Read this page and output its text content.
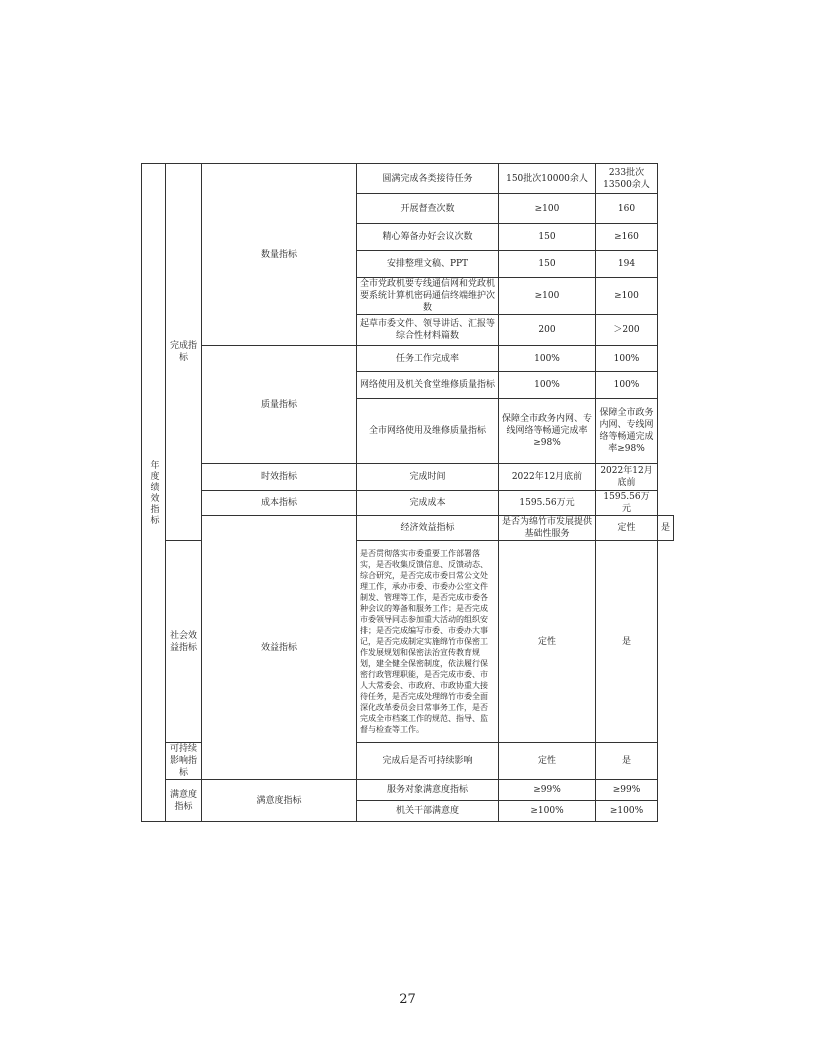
年度绩效指标	完成指标	数量指标	圆满完成各类接待任务	150批次10000余人	233批次13500余人	
			开展督查次数	≥100	160	
			精心筹备办好会议次数	150	≥160	
			安排整理文稿、PPT	150	194	
			全市党政机要专线通信网和党政机要系统计算机密码通信终端维护次数	≥100	≥100	
			起草市委文件、领导讲话、汇报等综合性材料篇数	200	＞200	
		质量指标	任务工作完成率	100%	100%	
			网络使用及机关食堂维修质量指标	100%	100%	
			全市网络使用及维修质量指标	保障全市政务内网、专线网络等畅通完成率≥98%	保障全市政务内网、专线网络等畅通完成率≥98%	
		时效指标	完成时间	2022年12月底前	2022年12月底前	
		成本指标	完成成本	1595.56万元	1595.56万元	
		效益指标	经济效益指标	是否为绵竹市发展提供基础性服务	定性	是
	社会效益指标		是否贯彻落实市委重要工作部署落实，是否收集反馈信息、反馈动态、综合研究，是否完成市委日常公文处理工作，承办市委、市委办公室文件制发、管理等工作，是否完成市委各种会议的筹备和服务工作；是否完成市委领导同志参加重大活动的组织安排；是否完成编写市委、市委办大事记，是否完成制定实施绵竹市保密工作发展规划和保密法治宣传教育规划，建全健全保密制度，依法履行保密行政管理职能，是否完成市委、市人大常委会、市政府、市政协重大接待任务，是否完成处理绵竹市委全面深化改革委员会日常事务工作，是否完成全市档案工作的规范、指导、监督与检查等工作。	定性	是	
	可持续影响指标		完成后是否可持续影响	定性	是	
	满意度指标	满意度指标	服务对象满意度指标	≥99%	≥99%	
			机关干部满意度	≥100%	≥100%	
27
